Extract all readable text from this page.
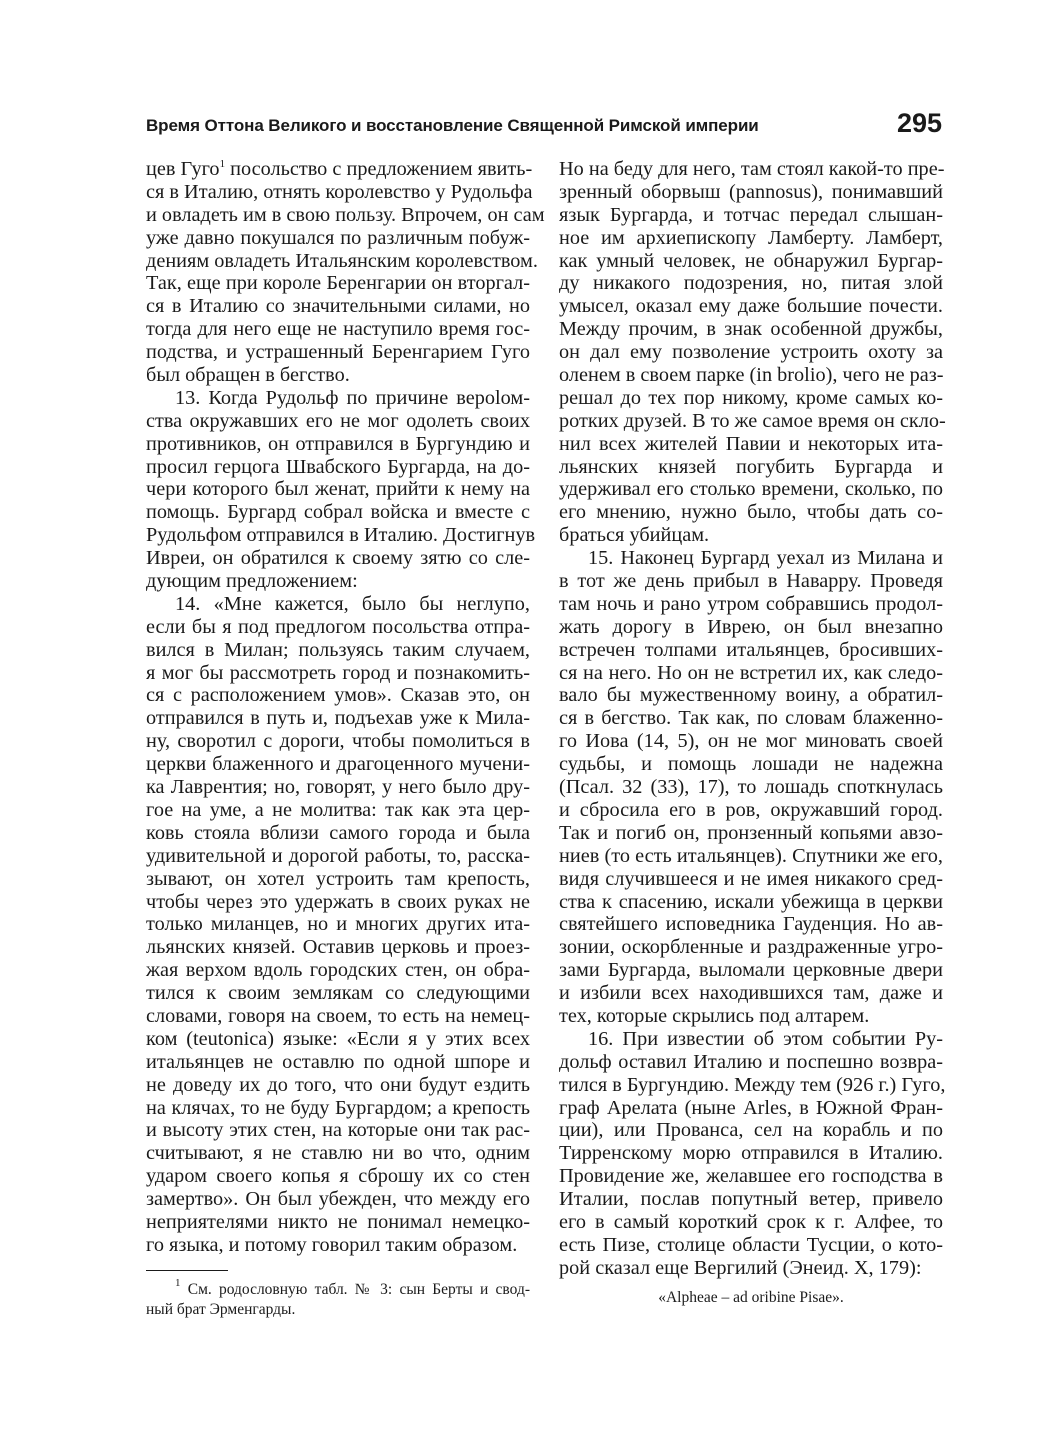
Время Оттона Великого и восстановление Священной Римской империи	295
цев Гуго$^1$ посольство с предложением явить-
ся в Италию, отнять королевство у Рудольфа
и овладеть им в свою пользу. Впрочем, он сам
уже давно покушался по различным побуж-
дениям овладеть Итальянским королевством.
Так, еще при короле Беренгарии он вторгал-
ся в Италию со значительными силами, но
тогда для него еще не наступило время гос-
подства, и устрашенный Беренгарием Гуго
был обращен в бегство.
13. Когда Рудольф по причине верolом-
ства окружавших его не мог одолеть своих
противников, он отправился в Бургундию и
просил герцога Швабского Бургарда, на до-
чери которого был женат, прийти к нему на
помощь. Бургард собрал войска и вместе с
Рудольфом отправился в Италию. Достигнув
Ивреи, он обратился к своему зятю со сле-
дующим предложением:
14. «Мне кажется, было бы неглупо,
если бы я под предлогом посольства отпра-
вился в Милан; пользуясь таким случаем,
я мог бы рассмотреть город и познакомить-
ся с расположением умов». Сказав это, он
отправился в путь и, подъехав уже к Мила-
ну, своротил с дороги, чтобы помолиться в
церкви блаженного и драгоценного мучени-
ка Лаврентия; но, говорят, у него было дру-
гое на уме, а не молитва: так как эта цер-
ковь стояла вблизи самого города и была
удивительной и дорогой работы, то, расска-
зывают, он хотел устроить там крепость,
чтобы через это удержать в своих руках не
только миланцев, но и многих других ита-
льянских князей. Оставив церковь и проез-
жая верхом вдоль городских стен, он обра-
тился к своим землякам со следующими
словами, говоря на своем, то есть на немец-
ком (teutonica) языке: «Если я у этих всех
итальянцев не оставлю по одной шпоре и
не доведу их до того, что они будут ездить
на клячах, то не буду Бургардом; а крепость
и высоту этих стен, на которые они так рас-
считывают, я не ставлю ни во что, одним
ударом своего копья я сброшу их со стен
замертво». Он был убежден, что между его
неприятелями никто не понимал немецко-
го языка, и потому говорил таким образом.
Но на беду для него, там стоял какой-то пре-
зренный оборвыш (pannosus), понимавший
язык Бургарда, и тотчас передал слышан-
ное им архиепископу Ламберту. Ламберт,
как умный человек, не обнаружил Бургар-
ду никакого подозрения, но, питая злой
умысел, оказал ему даже большие почести.
Между прочим, в знак особенной дружбы,
он дал ему позволение устроить охоту за
оленем в своем парке (in brolio), чего не раз-
решал до тех пор никому, кроме самых ко-
ротких друзей. В то же самое время он скло-
нил всех жителей Павии и некоторых ита-
льянских князей погубить Бургарда и
удерживал его столько времени, сколько, по
его мнению, нужно было, чтобы дать со-
браться убийцам.
15. Наконец Бургард уехал из Милана и
в тот же день прибыл в Наварру. Проведя
там ночь и рано утром собравшись продол-
жать дорогу в Иврею, он был внезапно
встречен толпами итальянцев, бросивших-
ся на него. Но он не встретил их, как следо-
вало бы мужественному воину, а обратил-
ся в бегство. Так как, по словам блаженно-
го Иова (14, 5), он не мог миновать своей
судьбы, и помощь лошади не надежна
(Псал. 32 (33), 17), то лошадь споткнулась
и сбросила его в ров, окружавший город.
Так и погиб он, пронзенный копьями авзо-
ниев (то есть итальянцев). Спутники же его,
видя случившееся и не имея никакого сред-
ства к спасению, искали убежища в церкви
святейшего исповедника Гауденция. Но ав-
зонии, оскорбленные и раздраженные угро-
зами Бургарда, выломали церковные двери
и избили всех находившихся там, даже и
тех, которые скрылись под алтарем.
16. При известии об этом событии Ру-
дольф оставил Италию и поспешно возвра-
тился в Бургундию. Между тем (926 г.) Гуго,
граф Арелата (ныне Arles, в Южной Фран-
ции), или Прованса, сел на корабль и по
Тирренскому морю отправился в Италию.
Провидение же, желавшее его господства в
Италии, послав попутный ветер, привело
его в самый короткий срок к г. Алфее, то
есть Пизе, столице области Тусции, о кото-
рой сказал еще Вергилий (Энеид. X, 179):
$^1$ См. родословную табл. № 3: сын Берты и свод-
ный брат Эрменгарды.
«Alpheae – ad oribine Pisae».
